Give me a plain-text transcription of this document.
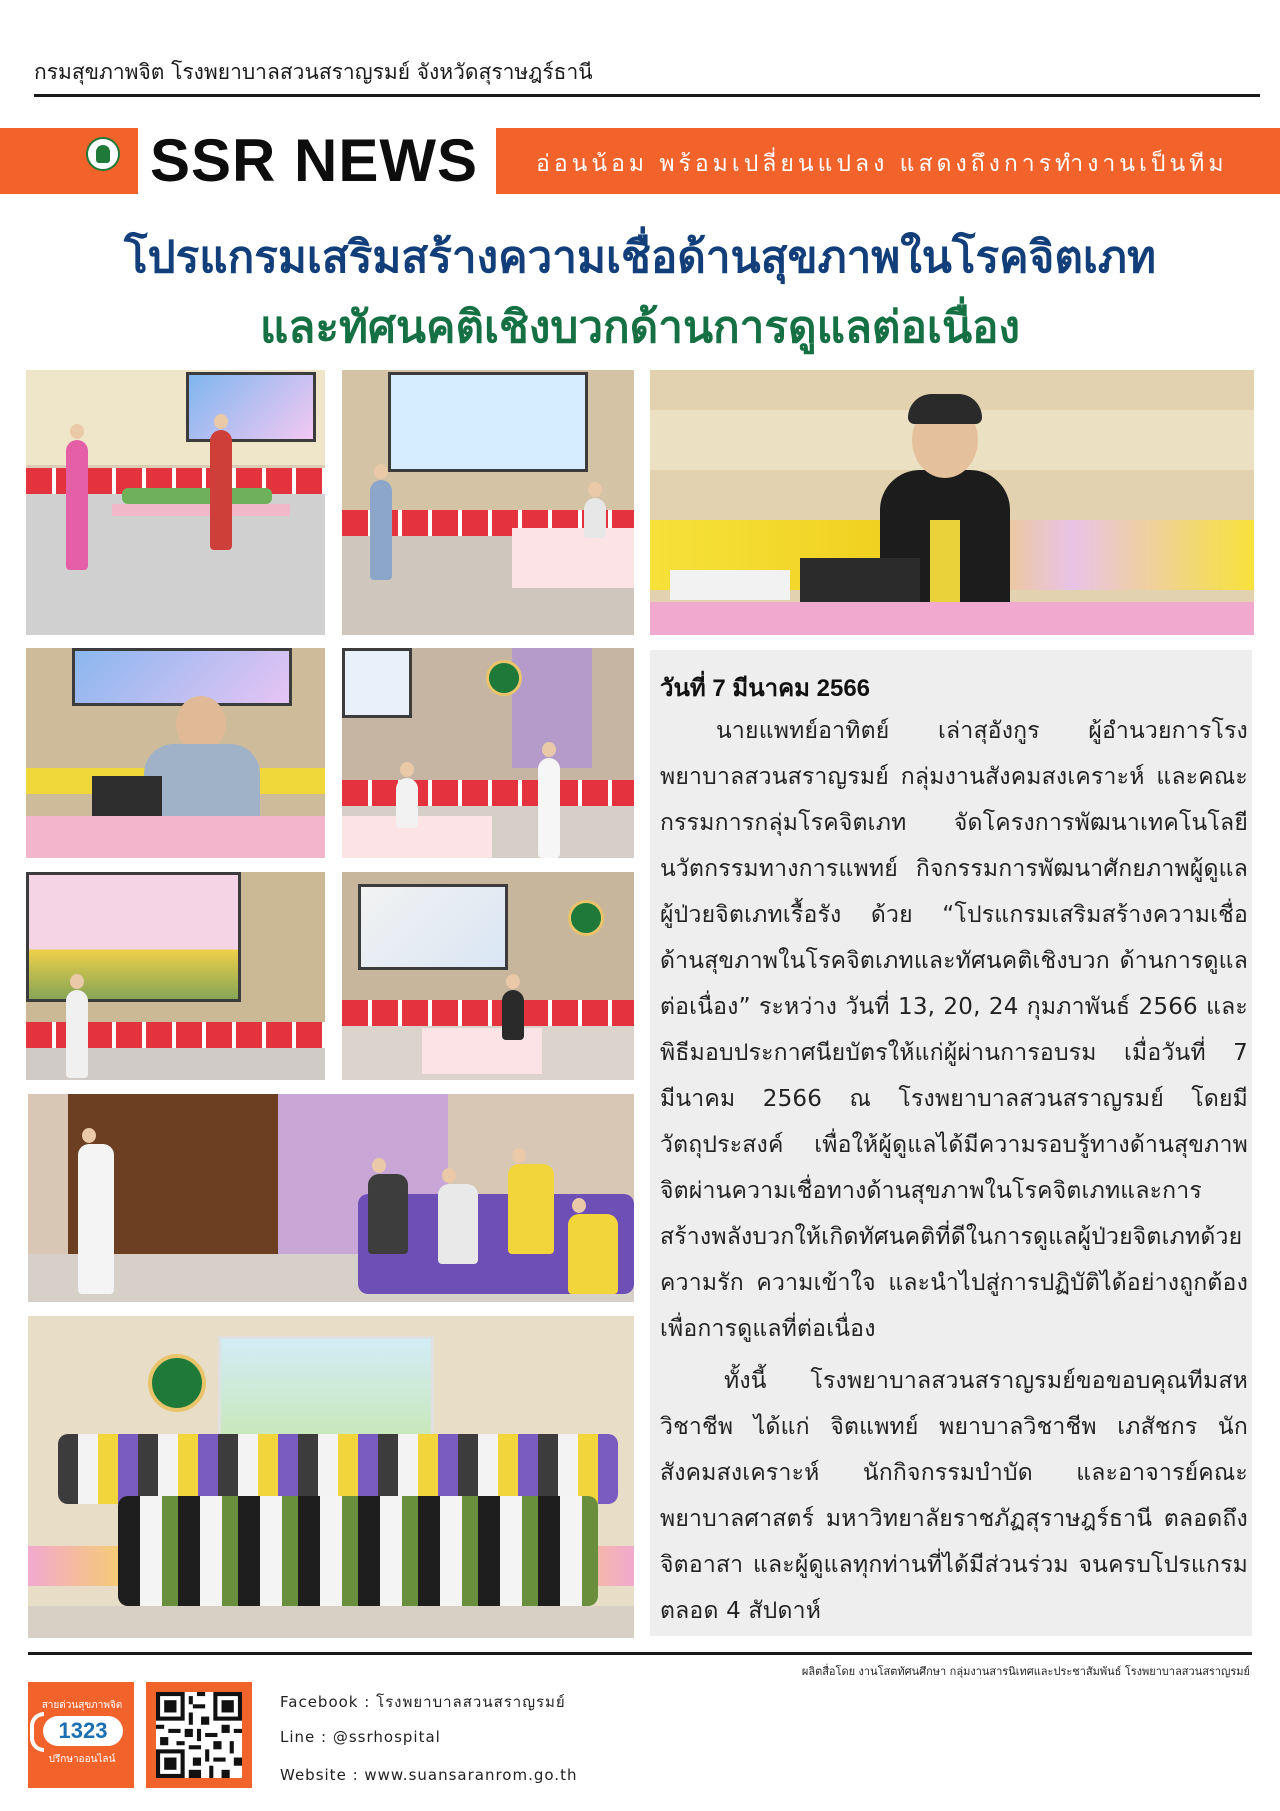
กรมสุขภาพจิต โรงพยาบาลสวนสราญรมย์ จังหวัดสุราษฎร์ธานี
SSR NEWS	อ่อนน้อม พร้อมเปลี่ยนแปลง แสดงถึงการทำงานเป็นทีม
โปรแกรมเสริมสร้างความเชื่อด้านสุขภาพในโรคจิตเภท
และทัศนคติเชิงบวกด้านการดูแลต่อเนื่อง
วันที่ 7 มีนาคม 2566
นายแพทย์อาทิตย์ เล่าสุอังกูร ผู้อำนวยการโรงพยาบาลสวนสราญรมย์ กลุ่มงานสังคมสงเคราะห์ และคณะกรรมการกลุ่มโรคจิตเภท จัดโครงการพัฒนาเทคโนโลยีนวัตกรรมทางการแพทย์ กิจกรรมการพัฒนาศักยภาพผู้ดูแลผู้ป่วยจิตเภทเรื้อรัง ด้วย “โปรแกรมเสริมสร้างความเชื่อด้านสุขภาพในโรคจิตเภทและทัศนคติเชิงบวก ด้านการดูแลต่อเนื่อง” ระหว่าง วันที่ 13, 20, 24 กุมภาพันธ์ 2566 และพิธีมอบประกาศนียบัตรให้แก่ผู้ผ่านการอบรม เมื่อวันที่ 7 มีนาคม 2566 ณ โรงพยาบาลสวนสราญรมย์ โดยมีวัตถุประสงค์ เพื่อให้ผู้ดูแลได้มีความรอบรู้ทางด้านสุขภาพจิตผ่านความเชื่อทางด้านสุขภาพในโรคจิตเภทและการสร้างพลังบวกให้เกิดทัศนคติที่ดีในการดูแลผู้ป่วยจิตเภทด้วยความรัก ความเข้าใจ และนำไปสู่การปฏิบัติได้อย่างถูกต้องเพื่อการดูแลที่ต่อเนื่อง
ทั้งนี้ โรงพยาบาลสวนสราญรมย์ขอขอบคุณทีมสหวิชาชีพ ได้แก่ จิตแพทย์ พยาบาลวิชาชีพ เภสัชกร นักสังคมสงเคราะห์ นักกิจกรรมบำบัด และอาจารย์คณะพยาบาลศาสตร์ มหาวิทยาลัยราชภัฏสุราษฎร์ธานี ตลอดถึงจิตอาสา และผู้ดูแลทุกท่านที่ได้มีส่วนร่วม จนครบโปรแกรมตลอด 4 สัปดาห์
ผลิตสื่อโดย งานโสตทัศนศึกษา กลุ่มงานสารนิเทศและประชาสัมพันธ์ โรงพยาบาลสวนสราญรมย์
สายด่วนสุขภาพจิต
1323
ปรึกษาออนไลน์
Facebook : โรงพยาบาลสวนสราญรมย์
Line : @ssrhospital
Website : www.suansaranrom.go.th
